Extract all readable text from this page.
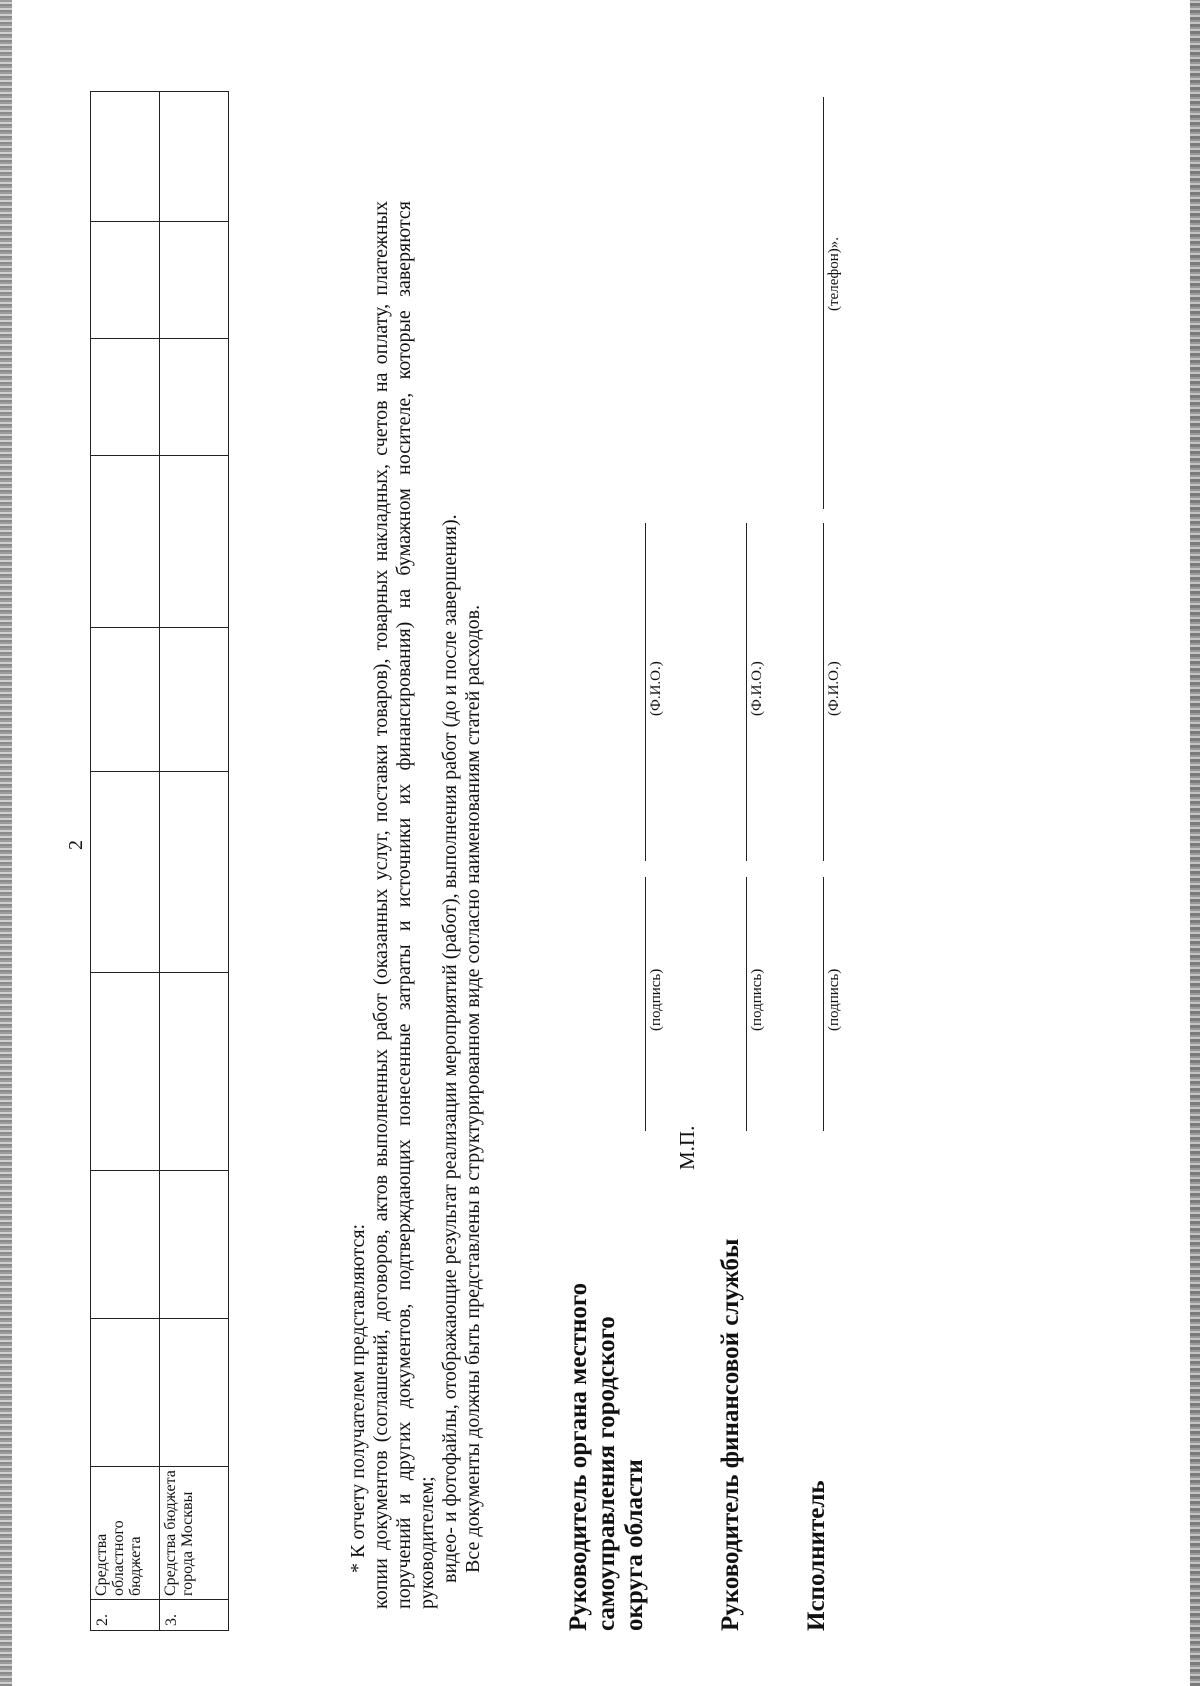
2
2.	Средства областного бюджета									
3.	Средства бюджета города Москвы										* К отчету получателем представляются: копии документов (соглашений, договоров, актов выполненных работ (оказанных услуг, поставки товаров), товарных накладных, счетов на оплату, платежных поручений и других документов, подтверждающих понесенные затраты и источники их финансирования) на бумажном носителе, которые заверяются руководителем; видео- и фотофайлы, отображающие результат реализации мероприятий (работ), выполнения работ (до и после завершения). Все документы должны быть представлены в структурированном виде согласно наименованиям статей расходов.	Руководитель органа местного самоуправления городского округа области
М.П.
(подпись)
(Ф.И.О.)
Руководитель финансовой службы
(подпись)
(Ф.И.О.)
Исполнитель
(подпись)
(Ф.И.О.)
(телефон)».
